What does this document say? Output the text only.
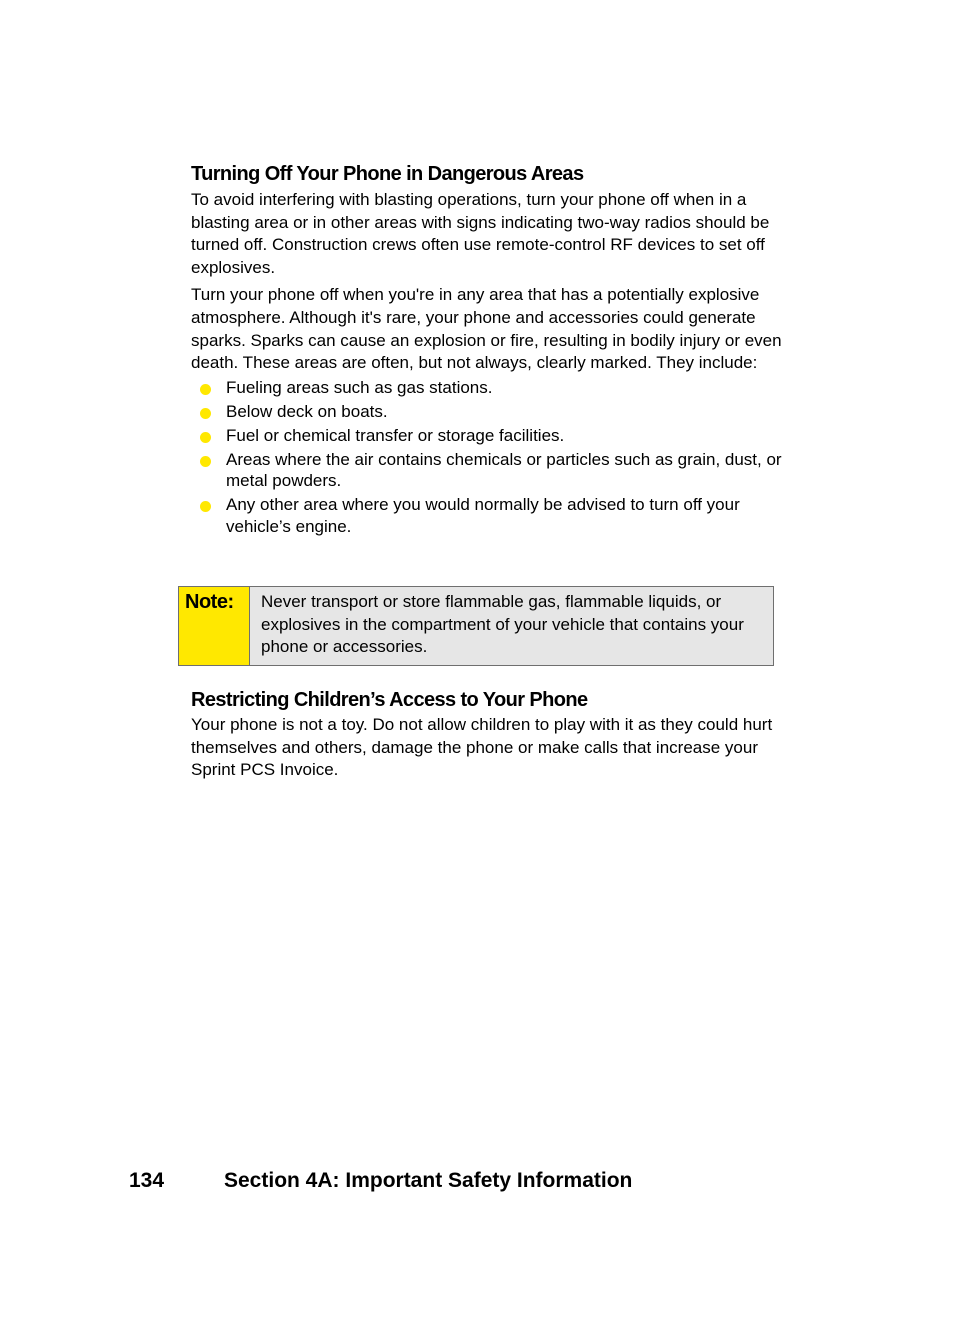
Turning Off Your Phone in Dangerous Areas

To avoid interfering with blasting operations, turn your phone off when in a blasting area or in other areas with signs indicating two-way radios should be turned off. Construction crews often use remote-control RF devices to set off explosives.

Turn your phone off when you're in any area that has a potentially explosive atmosphere. Although it's rare, your phone and accessories could generate sparks. Sparks can cause an explosion or fire, resulting in bodily injury or even death. These areas are often, but not always, clearly marked. They include:

Fueling areas such as gas stations.
Below deck on boats.
Fuel or chemical transfer or storage facilities.
Areas where the air contains chemicals or particles such as grain, dust, or metal powders.
Any other area where you would normally be advised to turn off your vehicle’s engine.
Note:	Never transport or store flammable gas, flammable liquids, or explosives in the compartment of your vehicle that contains your phone or accessories.
Restricting Children’s Access to Your Phone

Your phone is not a toy. Do not allow children to play with it as they could hurt themselves and others, damage the phone or make calls that increase your Sprint PCS Invoice.

134	Section 4A: Important Safety Information
